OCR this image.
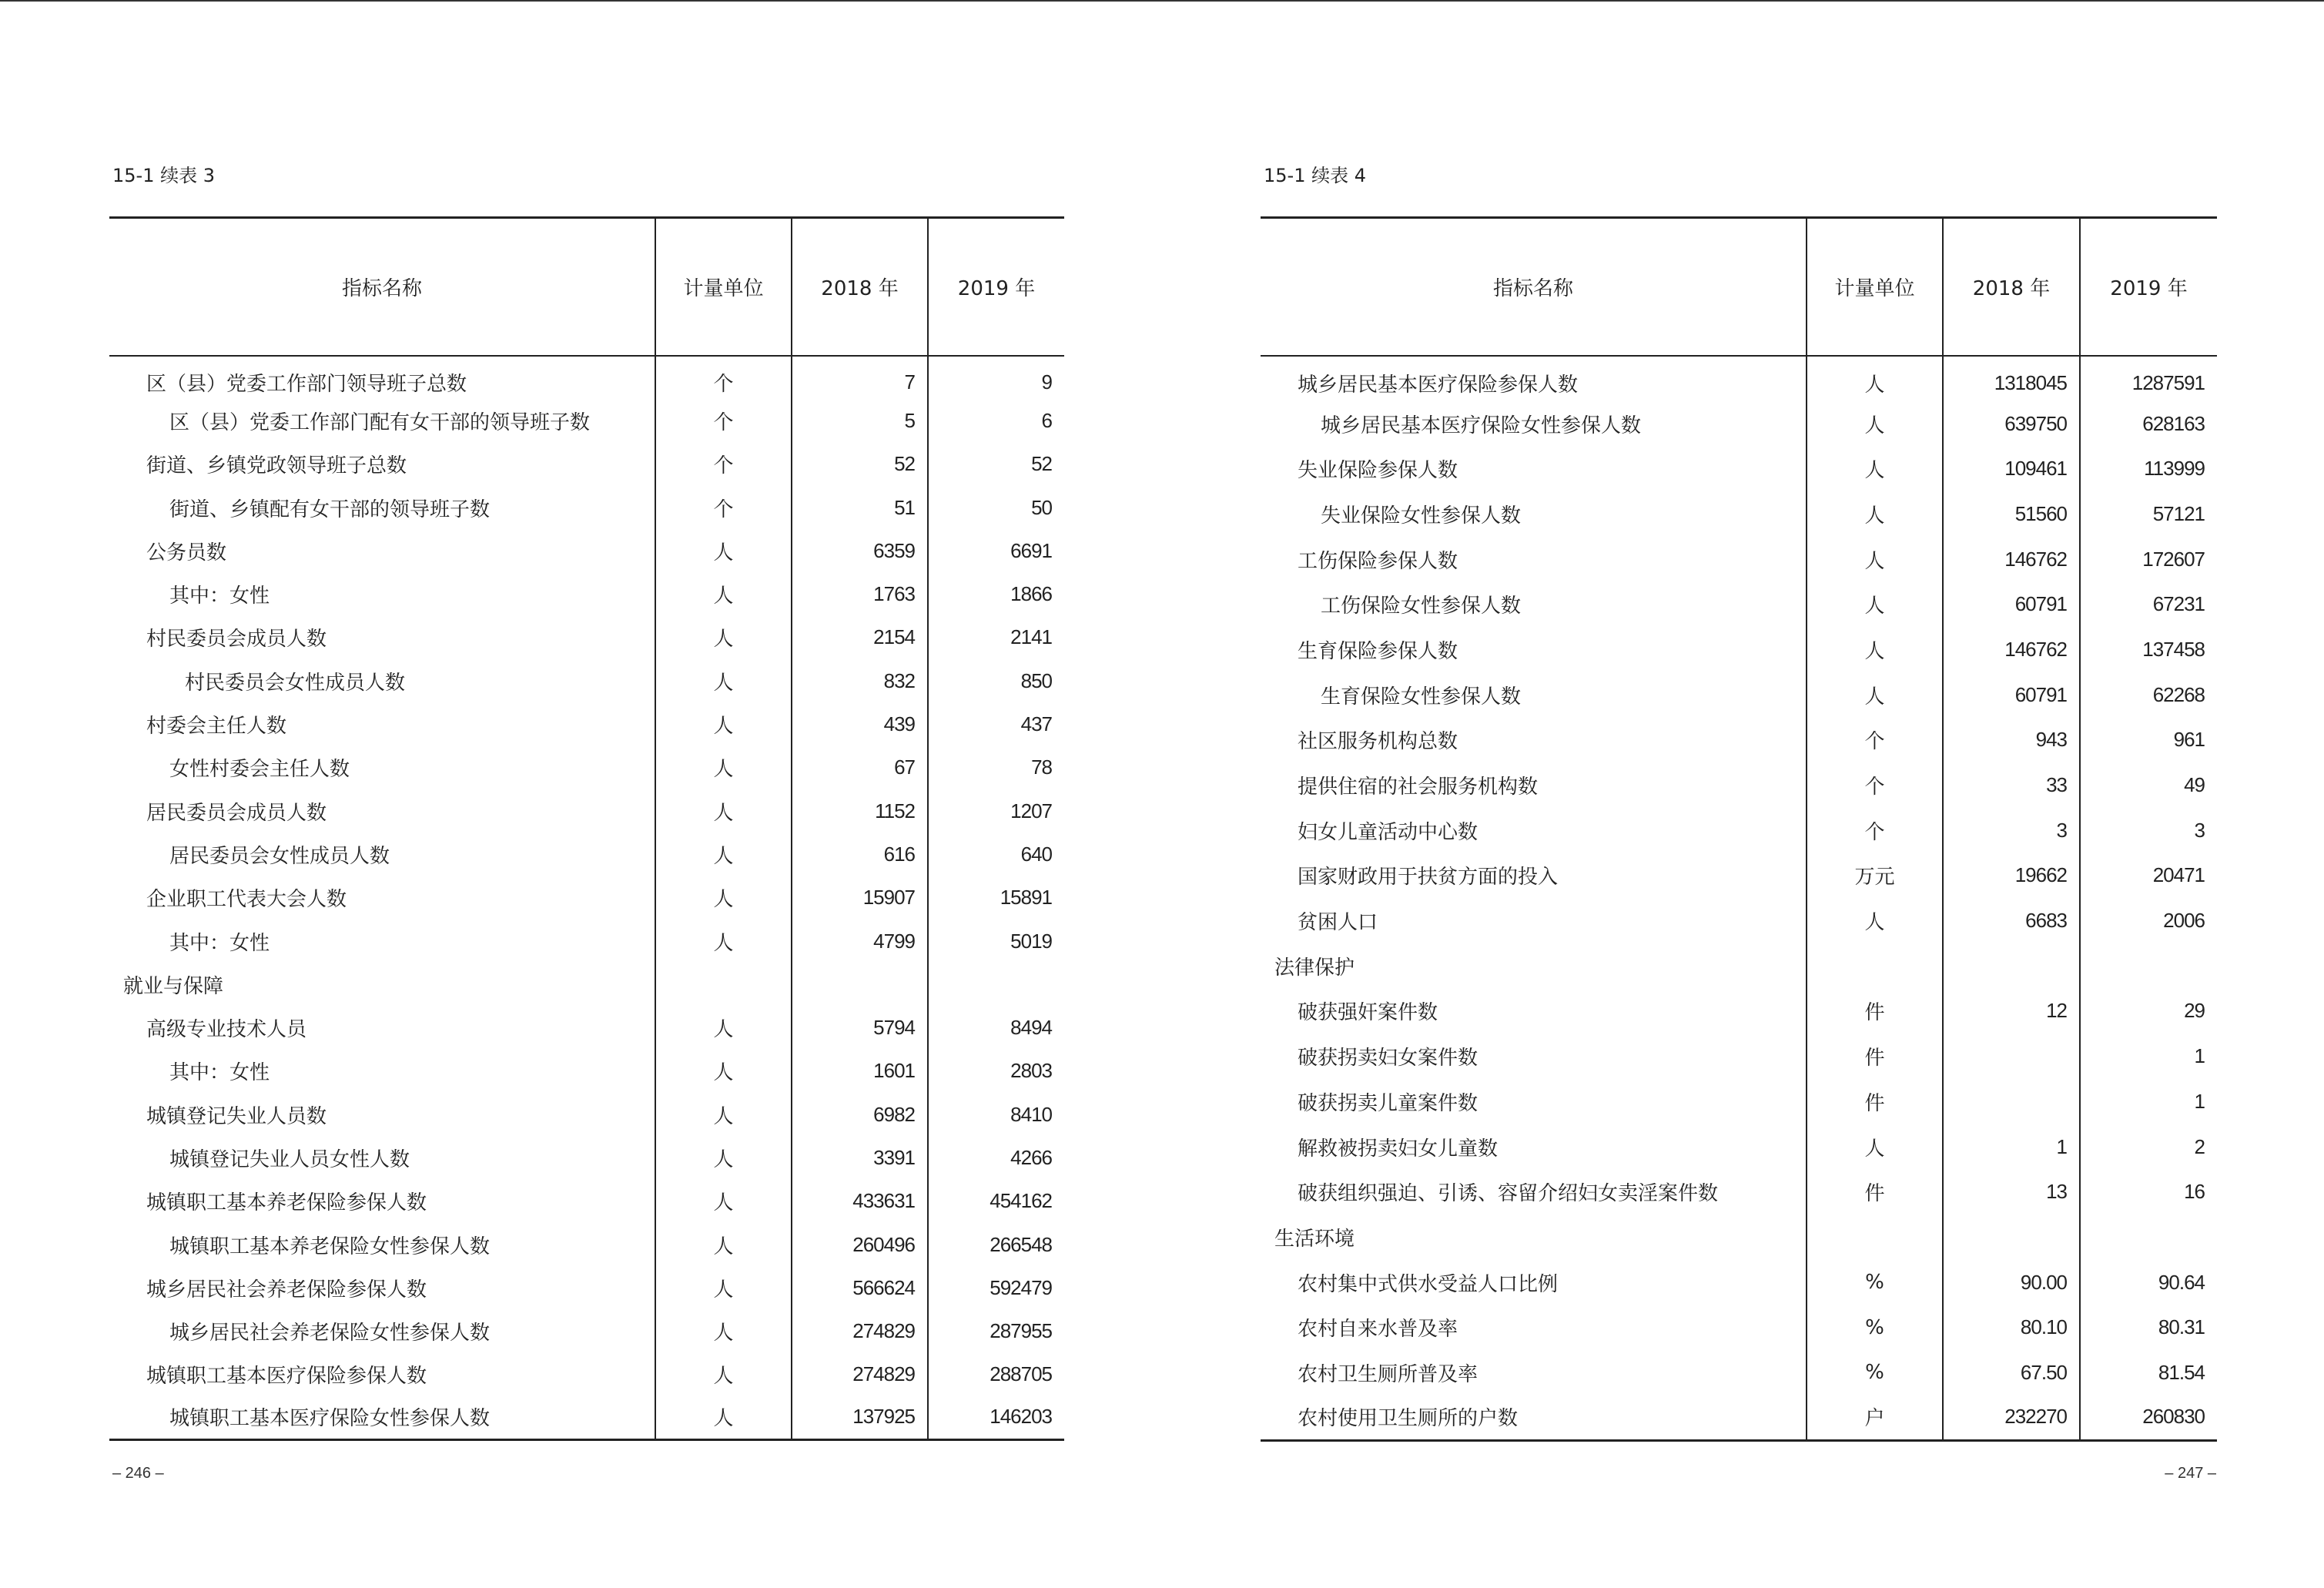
15-1 续表 3
指标名称	计量单位	2018 年	2019 年
区（县）党委工作部门领导班子总数	个	7	9
区（县）党委工作部门配有女干部的领导班子数	个	5	6
街道、乡镇党政领导班子总数	个	52	52
街道、乡镇配有女干部的领导班子数	个	51	50
公务员数	人	6359	6691
其中：女性	人	1763	1866
村民委员会成员人数	人	2154	2141
村民委员会女性成员人数	人	832	850
村委会主任人数	人	439	437
女性村委会主任人数	人	67	78
居民委员会成员人数	人	1152	1207
居民委员会女性成员人数	人	616	640
企业职工代表大会人数	人	15907	15891
其中：女性	人	4799	5019
就业与保障			
高级专业技术人员	人	5794	8494
其中：女性	人	1601	2803
城镇登记失业人员数	人	6982	8410
城镇登记失业人员女性人数	人	3391	4266
城镇职工基本养老保险参保人数	人	433631	454162
城镇职工基本养老保险女性参保人数	人	260496	266548
城乡居民社会养老保险参保人数	人	566624	592479
城乡居民社会养老保险女性参保人数	人	274829	287955
城镇职工基本医疗保险参保人数	人	274829	288705
城镇职工基本医疗保险女性参保人数	人	137925	146203
– 246 –
15-1 续表 4
指标名称	计量单位	2018 年	2019 年
城乡居民基本医疗保险参保人数	人	1318045	1287591
城乡居民基本医疗保险女性参保人数	人	639750	628163
失业保险参保人数	人	109461	113999
失业保险女性参保人数	人	51560	57121
工伤保险参保人数	人	146762	172607
工伤保险女性参保人数	人	60791	67231
生育保险参保人数	人	146762	137458
生育保险女性参保人数	人	60791	62268
社区服务机构总数	个	943	961
提供住宿的社会服务机构数	个	33	49
妇女儿童活动中心数	个	3	3
国家财政用于扶贫方面的投入	万元	19662	20471
贫困人口	人	6683	2006
法律保护			
破获强奸案件数	件	12	29
破获拐卖妇女案件数	件		1
破获拐卖儿童案件数	件		1
解救被拐卖妇女儿童数	人	1	2
破获组织强迫、引诱、容留介绍妇女卖淫案件数	件	13	16
生活环境			
农村集中式供水受益人口比例	%	90.00	90.64
农村自来水普及率	%	80.10	80.31
农村卫生厕所普及率	%	67.50	81.54
农村使用卫生厕所的户数	户	232270	260830
– 247 –
